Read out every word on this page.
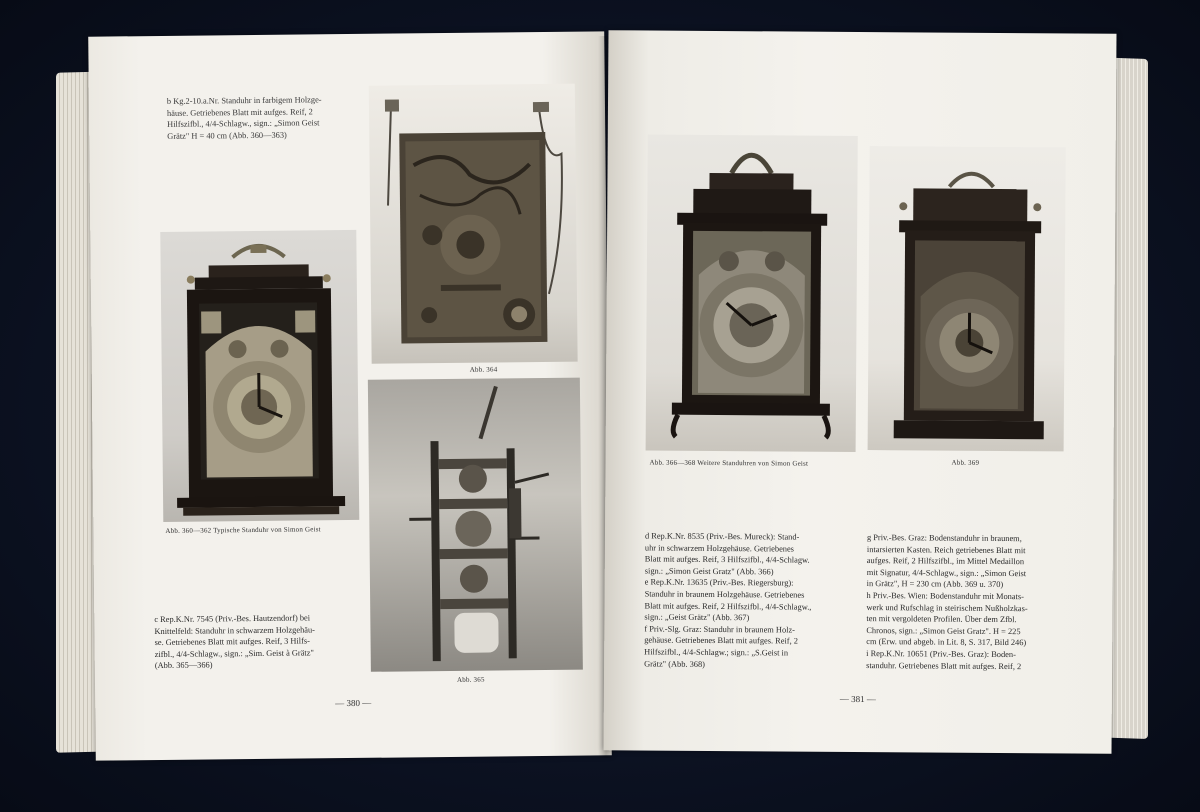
b Kg.2-10.a.Nr. Standuhr in farbigem Holzge-

häuse. Getriebenes Blatt mit aufges. Reif, 2

Hilfszifbl., 4/4-Schlagw., sign.: „Simon Geist

Grätz" H = 40 cm (Abb. 360—363)

Abb. 360—362 Typische Standuhr von Simon Geist
Abb. 364
Abb. 365

c Rep.K.Nr. 7545 (Priv.-Bes. Hautzendorf) bei

Knittelfeld: Standuhr in schwarzem Holzgehäu-

se. Getriebenes Blatt mit aufges. Reif, 3 Hilfs-

zifbl., 4/4-Schlagw., sign.: „Sim. Geist à Grätz"

(Abb. 365—366)

— 380 —
Abb. 366—368 Weitere Standuhren von Simon Geist	Abb. 369

d Rep.K.Nr. 8535 (Priv.-Bes. Mureck): Stand-

uhr in schwarzem Holzgehäuse. Getriebenes

Blatt mit aufges. Reif, 3 Hilfszifbl., 4/4-Schlagw.

sign.: „Simon Geist Gratz" (Abb. 366)

e Rep.K.Nr. 13635 (Priv.-Bes. Riegersburg):

Standuhr in braunem Holzgehäuse. Getriebenes

Blatt mit aufges. Reif, 2 Hilfszifbl., 4/4-Schlagw.,

sign.: „Geist Grätz" (Abb. 367)

f Priv.-Slg. Graz: Standuhr in braunem Holz-

gehäuse. Getriebenes Blatt mit aufges. Reif, 2

Hilfszifbl., 4/4-Schlagw.; sign.: „S.Geist in

Grätz" (Abb. 368)

g Priv.-Bes. Graz: Bodenstanduhr in braunem,

intarsierten Kasten. Reich getriebenes Blatt mit

aufges. Reif, 2 Hilfszifbl., im Mittel Medaillon

mit Signatur, 4/4-Schlagw., sign.: „Simon Geist

in Grätz", H = 230 cm (Abb. 369 u. 370)

h Priv.-Bes. Wien: Bodenstanduhr mit Monats-

werk und Rufschlag in steirischem Nußholzkas-

ten mit vergoldeten Profilen. Über dem Zfbl.

Chronos, sign.: „Simon Geist Gratz". H = 225

cm (Erw. und abgeb. in Lit. 8, S. 317, Bild 246)

i Rep.K.Nr. 10651 (Priv.-Bes. Graz): Boden-

standuhr. Getriebenes Blatt mit aufges. Reif, 2

— 381 —
